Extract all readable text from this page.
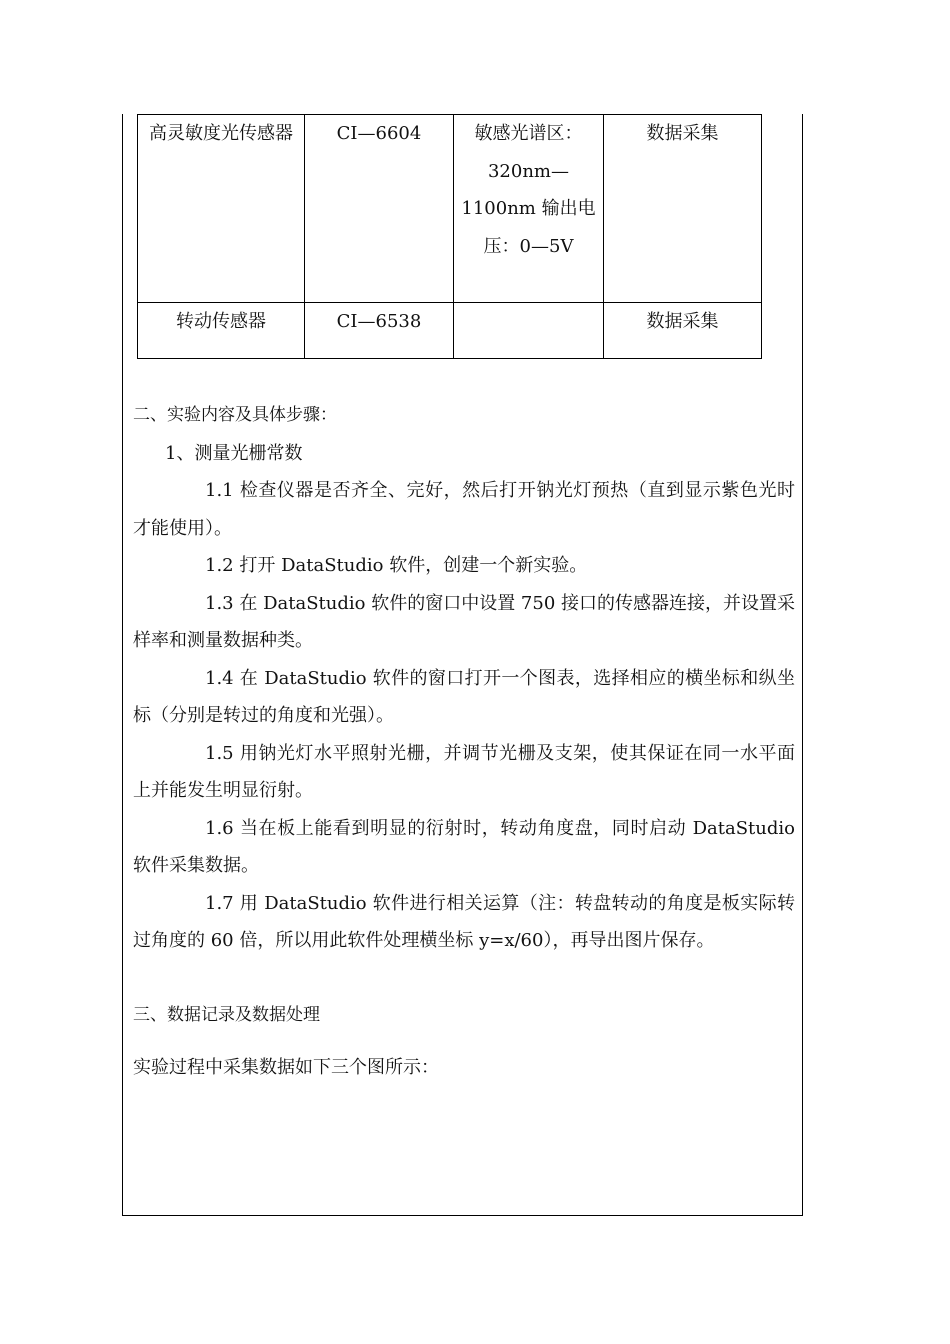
高灵敏度光传感器	CI—6604	敏感光谱区：320nm—1100nm 输出电压：0—5V	数据采集
转动传感器	CI—6538		数据采集

二、实验内容及具体步骤：

1、测量光栅常数

1.1 检查仪器是否齐全、完好，然后打开钠光灯预热（直到显示紫色光时才能使用）。

1.2 打开 DataStudio 软件，创建一个新实验。

1.3 在 DataStudio 软件的窗口中设置 750 接口的传感器连接，并设置采样率和测量数据种类。

1.4 在 DataStudio 软件的窗口打开一个图表，选择相应的横坐标和纵坐标（分别是转过的角度和光强）。

1.5 用钠光灯水平照射光栅，并调节光栅及支架，使其保证在同一水平面上并能发生明显衍射。

1.6 当在板上能看到明显的衍射时，转动角度盘，同时启动 DataStudio 软件采集数据。

1.7 用 DataStudio 软件进行相关运算（注：转盘转动的角度是板实际转过角度的 60 倍，所以用此软件处理横坐标 y=x/60），再导出图片保存。

三、数据记录及数据处理

实验过程中采集数据如下三个图所示：
